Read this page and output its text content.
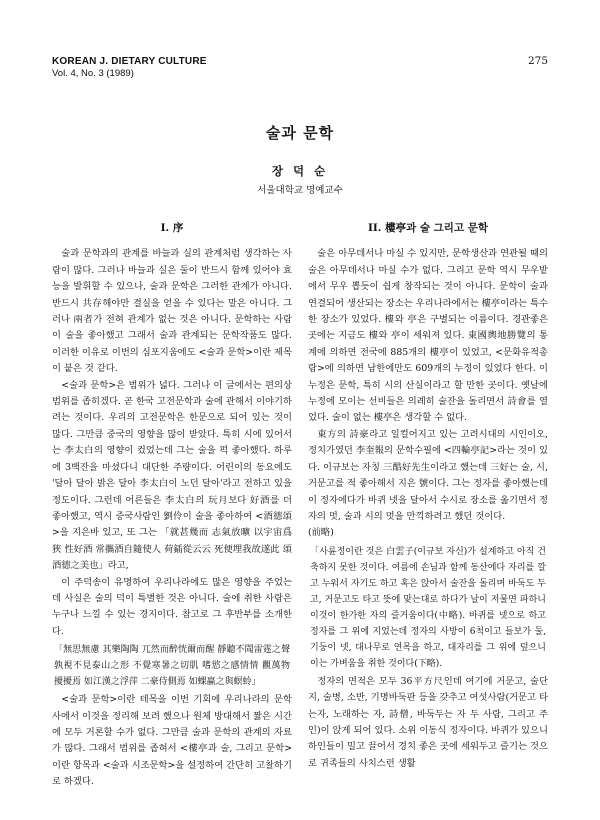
KOREAN J. DIETARY CULTURE
Vol. 4, No. 3 (1989)
275
술과 문학
장 덕 순
서울대학교 명예교수
I. 序

술과 문학과의 관계를 바늘과 실의 관계처럼 생각하는 사람이 많다. 그러나 바늘과 실은 둘이 반드시 함께 있어야 효능을 발휘할 수 있으나, 술과 문학은 그러한 관계가 아니다. 반드시 共存해야만 결실을 얻을 수 있다는 말은 아니다. 그러나 兩者가 전혀 관계가 없는 것은 아니다. 문학하는 사람이 술을 좋아했고 그래서 술과 관계되는 문학작품도 많다. 이러한 이유로 이번의 심포지움에도 <술과 문학>이란 제목이 붙은 것 같다.

<술과 문학>은 범위가 넓다. 그러나 이 글에서는 편의상 범위를 좁히겠다. 곧 한국 고전문학과 술에 관해서 이야기하려는 것이다. 우리의 고전문학은 한문으로 되어 있는 것이 많다. 그만큼 중국의 영향을 많이 받았다. 특히 시에 있어서는 李太白의 영향이 컸었는데 그는 술을 퍽 좋아했다. 하루에 3백잔을 마셨다니 대단한 주량이다. 어린이의 동요에도 '달아 달아 밝은 달아 李太白이 노던 달아'라고 전하고 있을 정도이다. 그런데 어른들은 李太白의 玩月보다 好酒를 더 좋아했고, 역시 중국사람인 劉伶이 술을 좋아하여 <酒德頌>을 지은바 있고, 또 그는 「就甚幾而 志氣放曠 以宇宙爲狹 性好酒 常攜酒自隨使人 荷鍤從云云 死便埋我故遂此 頌酒德之美也」라고,

이 주덕송이 유명하여 우리나라에도 많은 영향을 주었는데 사실은 술의 덕이 특별한 것은 아니다. 술에 취한 사람은 누구나 느낄 수 있는 경지이다. 참고로 그 후반부를 소개한다.

「無思無慮 其樂陶陶 兀然而醉恍爾而醒 靜聽不聞雷霆之聲 孰視不見泰山之形 不覺寒暑之切肌 嗜慾之感情情 觀萬物 擾擾焉 如江漢之浮萍 二豪侍側焉 如蜾蠃之與螟蛉」

<술과 문학>이란 테목을 이번 기회에 우리나라의 문학사에서 이것을 정리해 보려 했으나 원체 방대해서 짧은 시간에 모두 거론할 수가 없다. 그만큼 술과 문학의 관계의 자료가 많다. 그래서 범위를 좁혀서 <樓亭과 술, 그리고 문학>이란 항목과 <술과 시조문학>을 설정하여 간단히 고찰하기로 하겠다.

II. 樓亭과 술 그리고 문학

술은 아무데서나 마실 수 있지만, 문학생산과 연관될 때의 술은 아무데서나 마실 수가 없다. 그리고 문학 역시 무우밭에서 무우 뽑듯이 쉽게 창작되는 것이 아니다. 문학이 술과 연결되어 생산되는 장소는 우리나라에서는 樓亭이라는 특수한 장소가 있었다. 樓와 亭은 구별되는 이름이다. 경관좋은 곳에는 지금도 樓와 亭이 세워져 있다. 東國輿地勝覽의 통계에 의하면 전국에 885개의 樓亭이 있었고, <문화유적총람>에 의하면 남한에만도 609개의 누정이 있었다 한다. 이 누정은 문학, 특히 시의 산실이라고 할 만한 곳이다. 옛날에 누정에 모이는 선비들은 의례히 술잔을 돌리면서 詩會를 열었다. 술이 없는 樓亭은 생각할 수 없다.

東方의 詩豪라고 일컬어지고 있는 고려시대의 시인이오, 정치가였던 李奎報의 문학수필에 <四輪亭記>라는 것이 있다. 이규보는 자칭 三酷好先生이라고 했는데 三好는 술, 시, 거문고를 적 좋아해서 지은 號이다. 그는 정자를 좋아했는데 이 정자에다가 바퀴 넷을 달아서 수시로 장소를 옮기면서 정자의 멋, 술과 시의 멋을 만끽하려고 했던 것이다.

(前略)

「사륜정이란 것은 白雲子(이규보 자신)가 설계하고 아직 건축하지 못한 것이다. 여름에 손님과 함께 동산에다 자리를 깔고 누워서 자기도 하고 혹은 앉아서 술잔을 돌리며 바둑도 두고, 거문고도 타고 뜻에 맞는대로 하다가 날이 저물면 파하니 이것이 한가한 자의 즐거움이다(中略). 바퀴를 넷으로 하고 정자를 그 위에 지었는데 정자의 사방이 6척이고 들보가 둘, 기둥이 넷, 대나무로 연목을 하고, 대자리를 그 위에 덮으니 이는 가벼움을 취한 것이다(下略).

정자의 면적은 모두 36平方尺인데 여기에 거문고, 술단지, 술병, 소반, 기명바둑판 등을 갖추고 여섯사람(거문고 타는자, 노래하는 자, 詩僧, 바둑두는 자 두 사람, 그리고 주인)이 앉게 되어 있다. 소위 이동식 정자이다. 바퀴가 있으니 하인들이 밀고 끌어서 경치 좋은 곳에 세워두고 즐기는 것으로 귀족들의 사치스런 생활
